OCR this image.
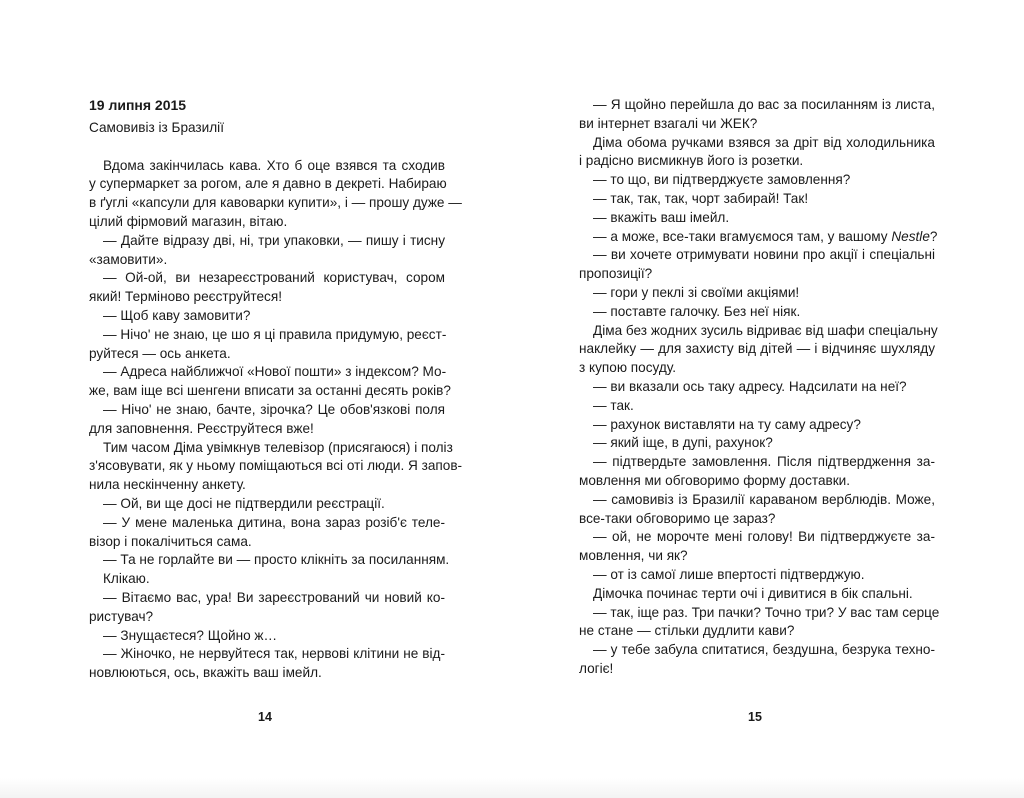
19 липня 2015
Самовивіз із Бразилії
Вдома закінчилась кава. Хто б оце взявся та сходив
у супермаркет за рогом, але я давно в декреті. Набираю
в ґуглі «капсули для кавоварки купити», і — прошу дуже —
цілий фірмовий магазин, вітаю.
— Дайте відразу дві, ні, три упаковки, — пишу і тисну
«замовити».
— Ой-ой, ви незареєстрований користувач, сором
який! Терміново реєструйтеся!
— Щоб каву замовити?
— Нічо' не знаю, це шо я ці правила придумую, реєст-
руйтеся — ось анкета.
— Адреса найближчої «Нової пошти» з індексом? Мо-
же, вам іще всі шенгени вписати за останні десять років?
— Нічо' не знаю, бачте, зірочка? Це обов'язкові поля
для заповнення. Реєструйтеся вже!
Тим часом Діма увімкнув телевізор (присягаюся) і поліз
з'ясовувати, як у ньому поміщаються всі оті люди. Я запов-
нила нескінченну анкету.
— Ой, ви ще досі не підтвердили реєстрації.
— У мене маленька дитина, вона зараз розіб'є теле-
візор і покалічиться сама.
— Та не горлайте ви — просто клікніть за посиланням.
Клікаю.
— Вітаємо вас, ура! Ви зареєстрований чи новий ко-
ристувач?
— Знущаєтеся? Щойно ж…
— Жіночко, не нервуйтеся так, нервові клітини не від-
новлюються, ось, вкажіть ваш імейл.
— Я щойно перейшла до вас за посиланням із листа,
ви інтернет взагалі чи ЖЕК?
Діма обома ручками взявся за дріт від холодильника
і радісно висмикнув його із розетки.
— то що, ви підтверджуєте замовлення?
— так, так, так, чорт забирай! Так!
— вкажіть ваш імейл.
— а може, все-таки вгамуємося там, у вашому Nestle?
— ви хочете отримувати новини про акції і спеціальні
пропозиції?
— гори у пеклі зі своїми акціями!
— поставте галочку. Без неї ніяк.
Діма без жодних зусиль відриває від шафи спеціальну
наклейку — для захисту від дітей — і відчиняє шухляду
з купою посуду.
— ви вказали ось таку адресу. Надсилати на неї?
— так.
— рахунок виставляти на ту саму адресу?
— який іще, в дупі, рахунок?
— підтвердьте замовлення. Після підтвердження за-
мовлення ми обговоримо форму доставки.
— самовивіз із Бразилії караваном верблюдів. Може,
все-таки обговоримо це зараз?
— ой, не морочте мені голову! Ви підтверджуєте за-
мовлення, чи як?
— от із самої лише впертості підтверджую.
Дімочка починає терти очі і дивитися в бік спальні.
— так, іще раз. Три пачки? Точно три? У вас там серце
не стане — стільки дудлити кави?
— у тебе забула спитатися, бездушна, безрука техно-
логіє!
14	15
